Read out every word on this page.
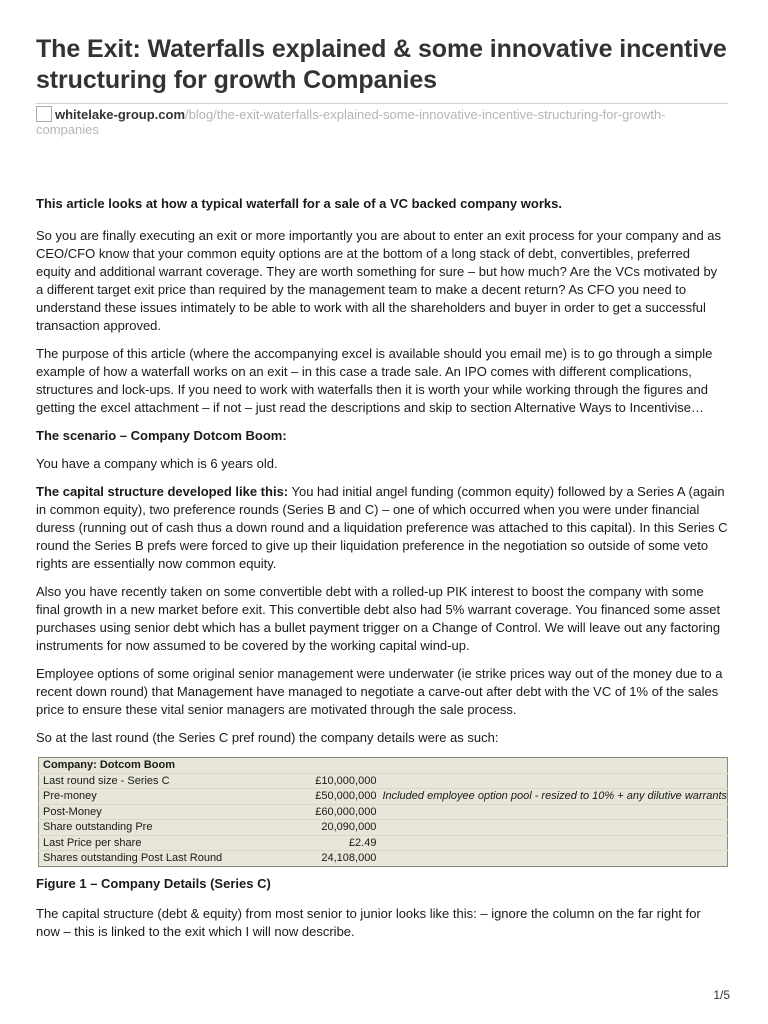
The Exit: Waterfalls explained & some innovative incentive structuring for growth Companies
whitelake-group.com/blog/the-exit-waterfalls-explained-some-innovative-incentive-structuring-for-growth-companies

This article looks at how a typical waterfall for a sale of a VC backed company works.

So you are finally executing an exit or more importantly you are about to enter an exit process for your company and as CEO/CFO know that your common equity options are at the bottom of a long stack of debt, convertibles, preferred equity and additional warrant coverage. They are worth something for sure – but how much? Are the VCs motivated by a different target exit price than required by the management team to make a decent return? As CFO you need to understand these issues intimately to be able to work with all the shareholders and buyer in order to get a successful transaction approved.

The purpose of this article (where the accompanying excel is available should you email me) is to go through a simple example of how a waterfall works on an exit – in this case a trade sale. An IPO comes with different complications, structures and lock-ups. If you need to work with waterfalls then it is worth your while working through the figures and getting the excel attachment – if not – just read the descriptions and skip to section Alternative Ways to Incentivise…

The scenario – Company Dotcom Boom:

You have a company which is 6 years old.

The capital structure developed like this: You had initial angel funding (common equity) followed by a Series A (again in common equity), two preference rounds (Series B and C) – one of which occurred when you were under financial duress (running out of cash thus a down round and a liquidation preference was attached to this capital). In this Series C round the Series B prefs were forced to give up their liquidation preference in the negotiation so outside of some veto rights are essentially now common equity.

Also you have recently taken on some convertible debt with a rolled-up PIK interest to boost the company with some final growth in a new market before exit. This convertible debt also had 5% warrant coverage. You financed some asset purchases using senior debt which has a bullet payment trigger on a Change of Control. We will leave out any factoring instruments for now assumed to be covered by the working capital wind-up.

Employee options of some original senior management were underwater (ie strike prices way out of the money due to a recent down round) that Management have managed to negotiate a carve-out after debt with the VC of 1% of the sales price to ensure these vital senior managers are motivated through the sale process.

So at the last round (the Series C pref round) the company details were as such:

Company: Dotcom Boom		
Last round size - Series C	£10,000,000	
Pre-money	£50,000,000	Included employee option pool - resized to 10% + any dilutive warrants
Post-Money	£60,000,000	
Share outstanding Pre	20,090,000	
Last Price per share	£2.49	
Shares outstanding Post Last Round	24,108,000	

Figure 1 – Company Details (Series C)

The capital structure (debt & equity) from most senior to junior looks like this: – ignore the column on the far right for now – this is linked to the exit which I will now describe.

1/5
